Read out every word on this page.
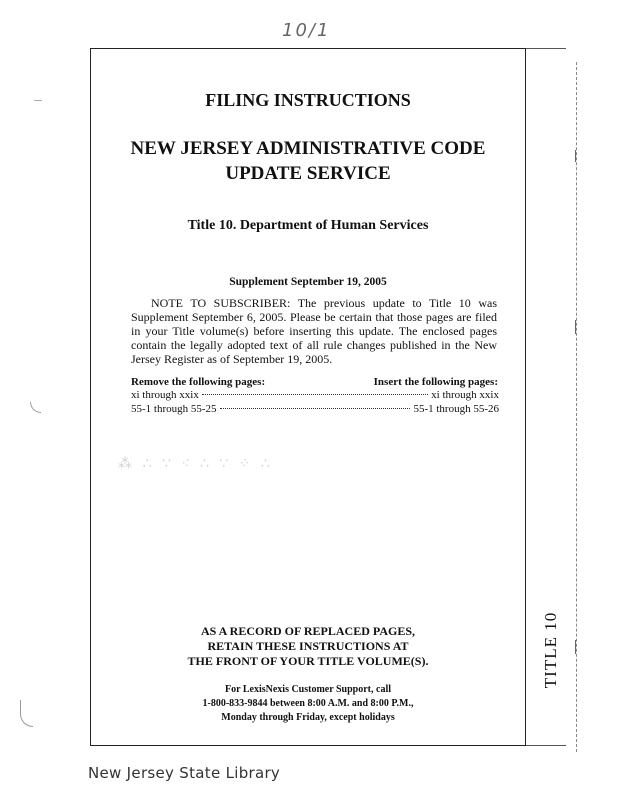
10/1
TITLE 10
FILING INSTRUCTIONS
NEW JERSEY ADMINISTRATIVE CODE
UPDATE SERVICE
Title 10. Department of Human Services
Supplement September 19, 2005

NOTE TO SUBSCRIBER: The previous update to Title 10 was Supplement September 6, 2005. Please be certain that those pages are filed in your Title volume(s) before inserting this update. The enclosed pages contain the legally adopted text of all rule changes published in the New Jersey Register as of September 19, 2005.

Remove the following pages:	Insert the following pages:
xi through xxix	xi through xxix
55-1 through 55-25	55-1 through 55-26
⁂ ∴ ∵ ⁖ ∴ ∵ ⁘ ∴
AS A RECORD OF REPLACED PAGES,
RETAIN THESE INSTRUCTIONS AT
THE FRONT OF YOUR TITLE VOLUME(S).
For LexisNexis Customer Support, call
1-800-833-9844 between 8:00 A.M. and 8:00 P.M.,
Monday through Friday, except holidays
New Jersey State Library
